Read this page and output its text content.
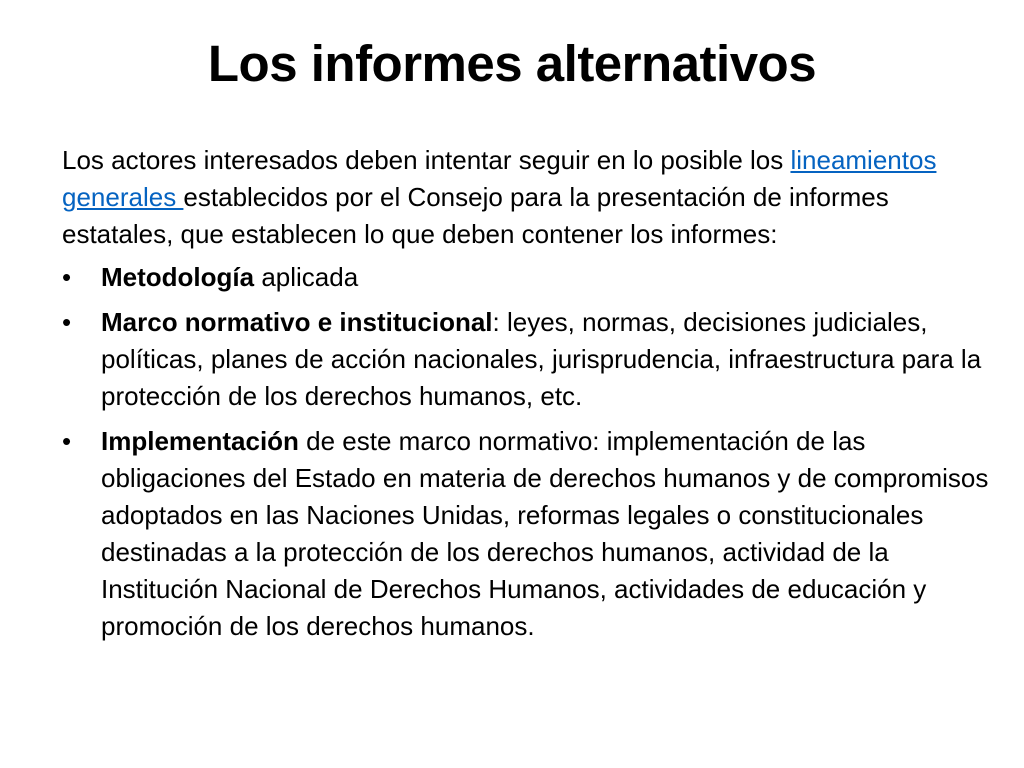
Los informes alternativos

Los actores interesados deben intentar seguir en lo posible los lineamientos generales establecidos por el Consejo para la presentación de informes estatales, que establecen lo que deben contener los informes:

• Metodología aplicada
• Marco normativo e institucional: leyes, normas, decisiones judiciales, políticas, planes de acción nacionales, jurisprudencia, infraestructura para la protección de los derechos humanos, etc.
• Implementación de este marco normativo: implementación de las obligaciones del Estado en materia de derechos humanos y de compromisos adoptados en las Naciones Unidas, reformas legales o constitucionales destinadas a la protección de los derechos humanos, actividad de la Institución Nacional de Derechos Humanos, actividades de educación y promoción de los derechos humanos.
